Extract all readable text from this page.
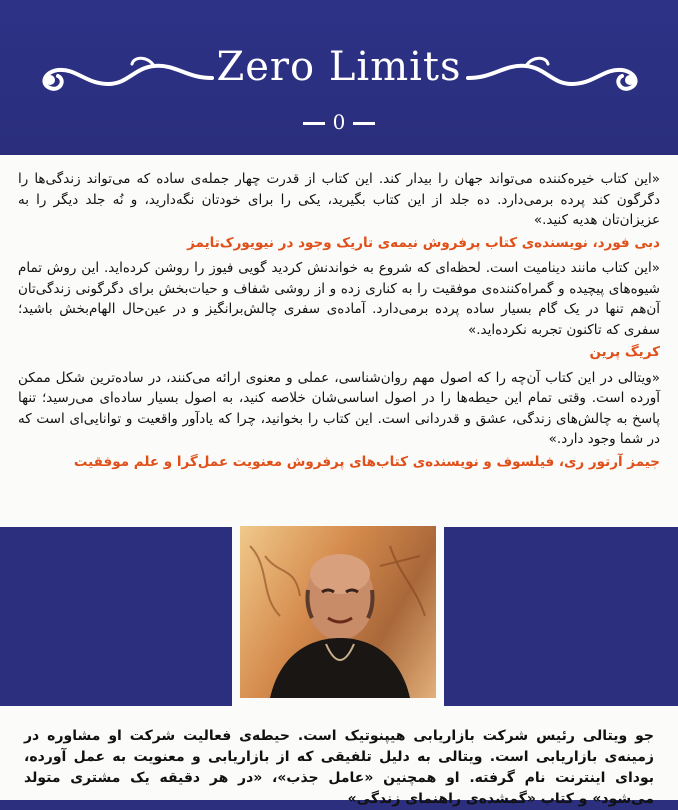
Zero Limits
0

«این کتاب خیره‌کننده می‌تواند جهان را بیدار کند. این کتاب از قدرت چهار جمله‌ی ساده که می‌تواند زندگی‌ها را دگرگون کند پرده برمی‌دارد. ده جلد از این کتاب بگیرید، یکی را برای خودتان نگه‌دارید، و نُه جلد دیگر را به عزیزان‌تان هدیه کنید.»

دبی فورد، نویسنده‌ی کتاب پرفروش نیمه‌ی تاریک وجود در نیویورک‌تایمز

«این کتاب مانند دینامیت است. لحظه‌ای که شروع به خواندنش کردید گویی فیوز را روشن کرده‌اید. این روش تمام شیوه‌های پیچیده و گمراه‌کننده‌ی موفقیت را به کناری زده و از روشی شفاف و حیات‌بخش برای دگرگونی زندگی‌تان آن‌هم تنها در یک گام بسیار ساده پرده برمی‌دارد. آماده‌ی سفری چالش‌برانگیز و در عین‌حال الهام‌بخش باشید؛ سفری که تاکنون تجربه نکرده‌اید.»

کریگ پرین

«ویتالی در این کتاب آن‌چه را که اصول مهم روان‌شناسی، عملی و معنوی ارائه می‌کنند، در ساده‌ترین شکل ممکن آورده است. وقتی تمام این حیطه‌ها را در اصول اساسی‌شان خلاصه کنید، به اصول بسیار ساده‌ای می‌رسید؛ تنها پاسخ به چالش‌های زندگی، عشق و قدردانی است. این کتاب را بخوانید، چرا که یادآور واقعیت و توانایی‌ای است که در شما وجود دارد.»

جیمز آرتور ری، فیلسوف و نویسنده‌ی کتاب‌های پرفروش معنویت عمل‌گرا و علم موفقیت

جو ویتالی رئیس شرکت بازاریابی هیپنوتیک است. حیطه‌ی فعالیت شرکت او مشاوره در زمینه‌ی بازاریابی است. ویتالی به دلیل تلفیقی که از بازاریابی و معنویت به عمل آورده، بودای اینترنت نام گرفته. او همچنین «عامل جذب»، «در هر دقیقه یک مشتری متولد می‌شود» و کتاب «گمشده‌ی راهنمای زندگی»
